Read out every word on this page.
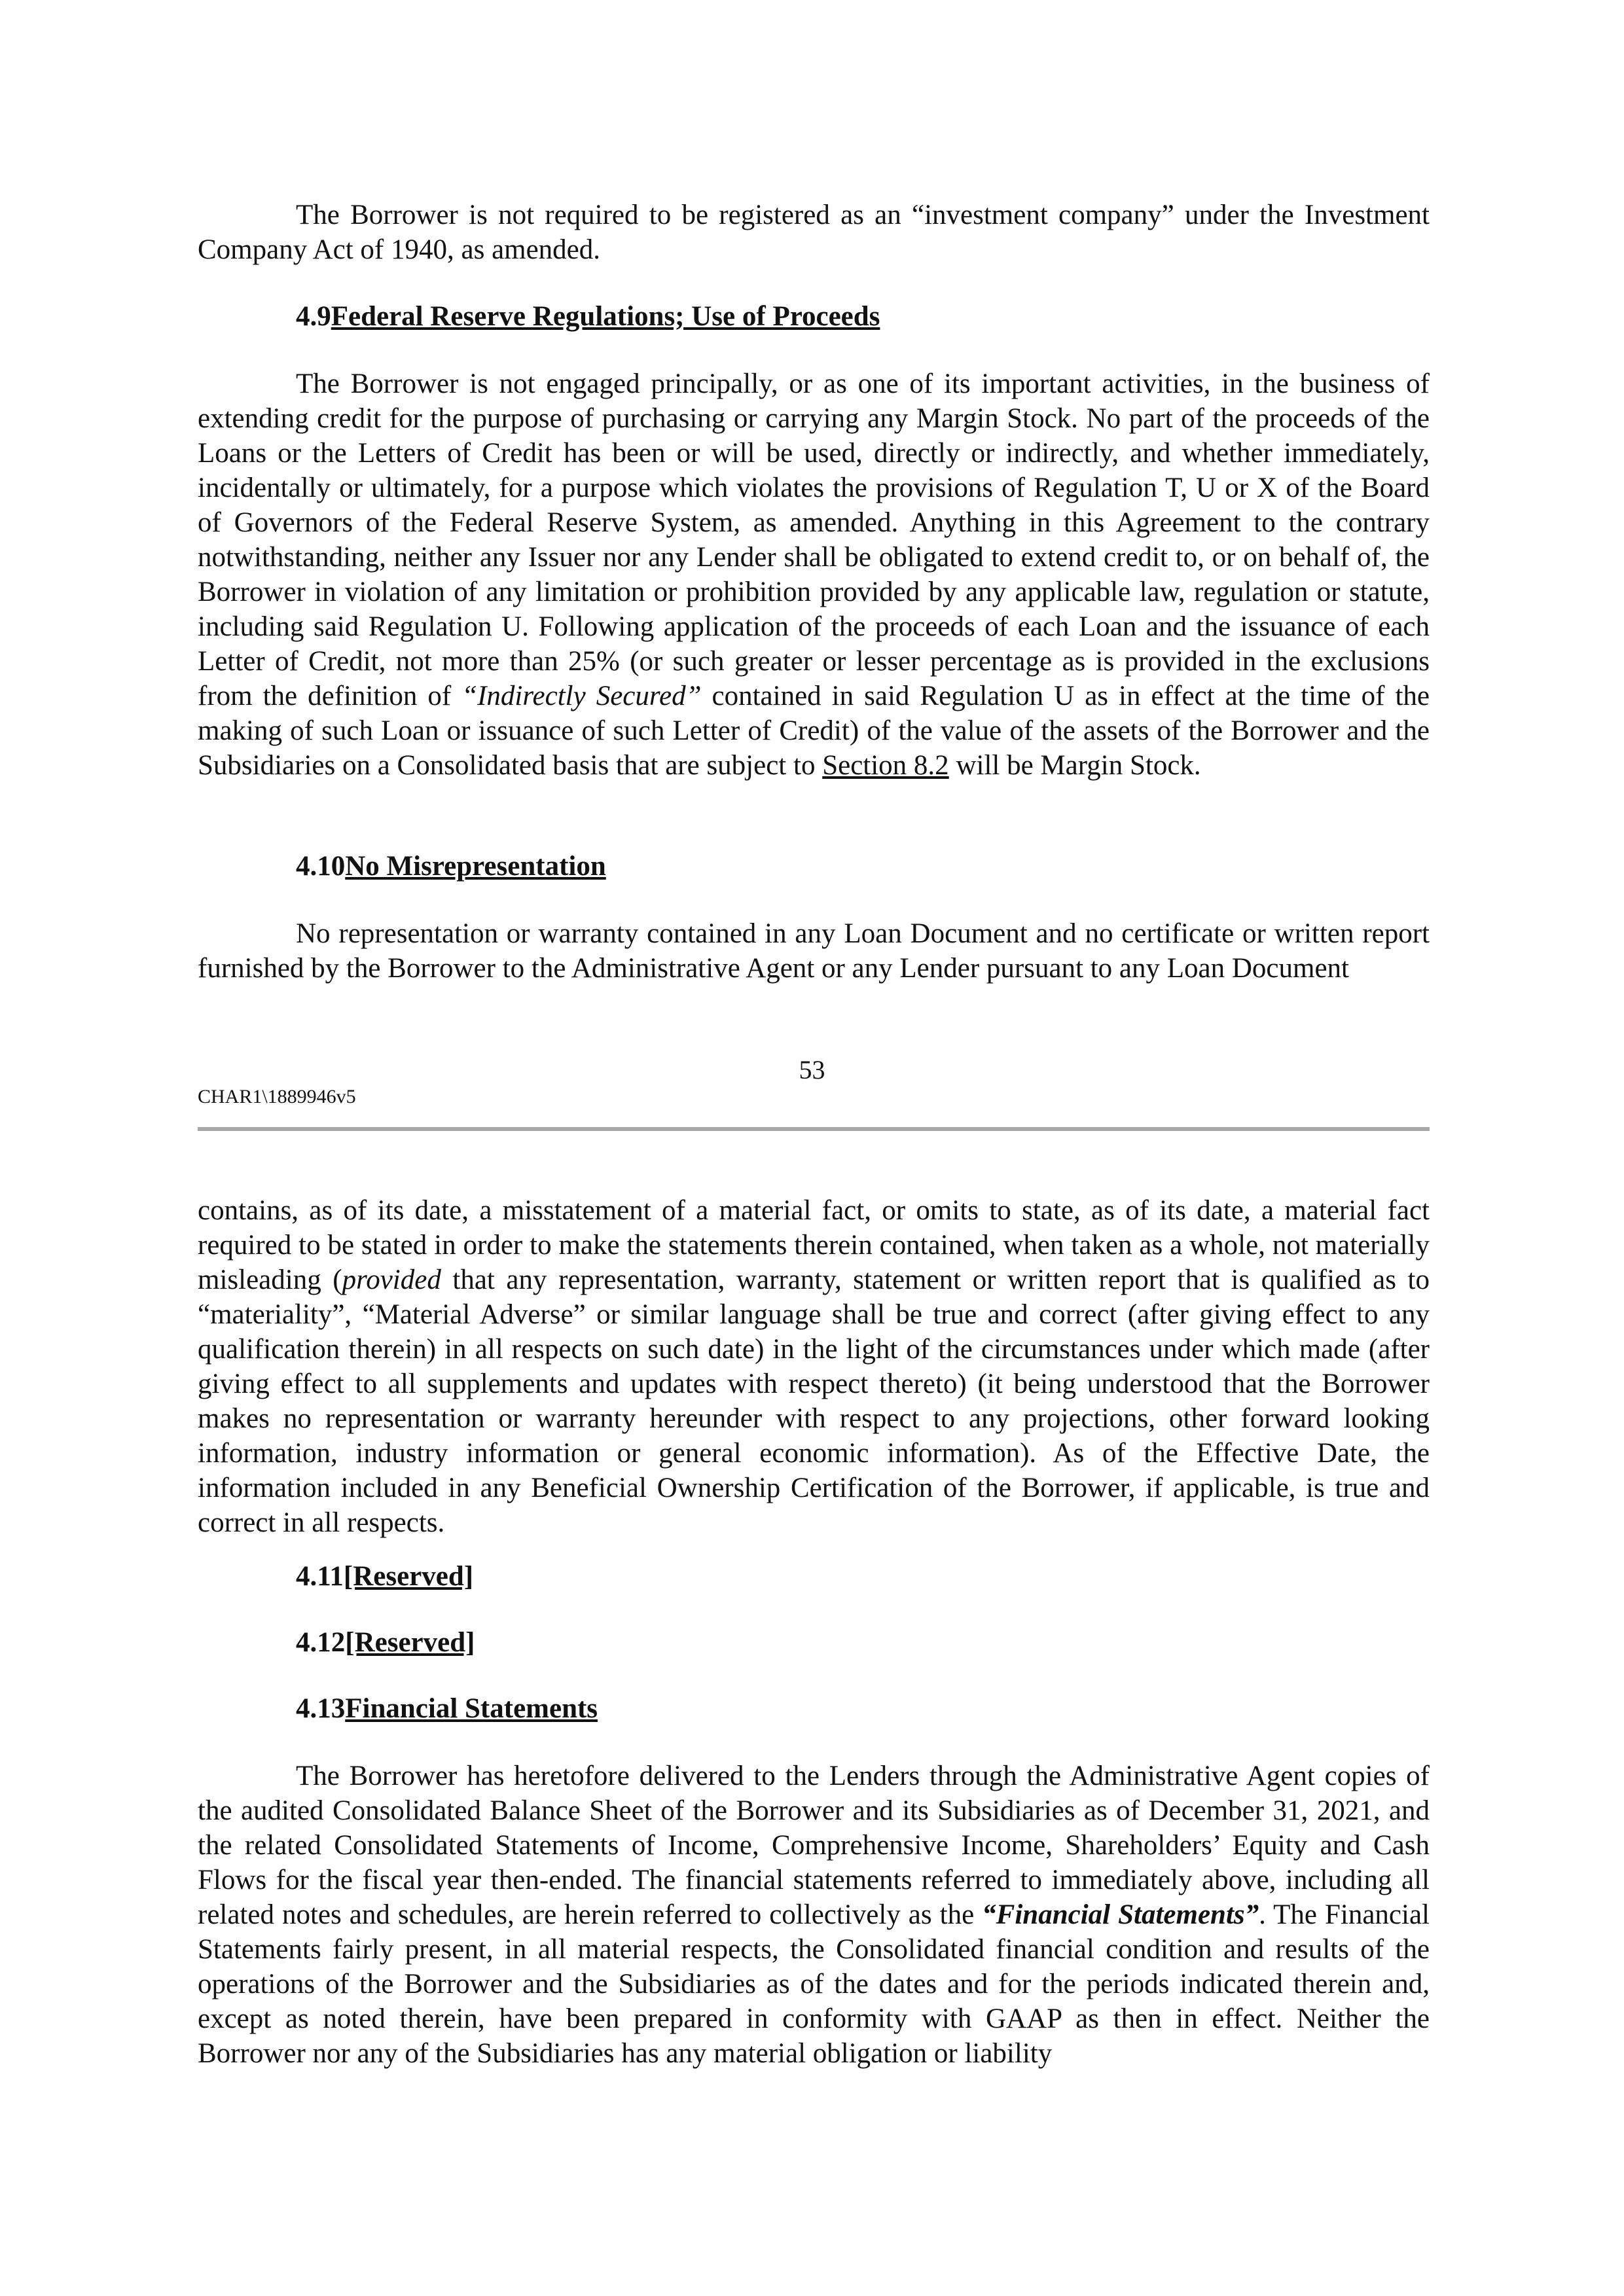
The Borrower is not required to be registered as an “investment company” under the Investment Company Act of 1940, as amended.

4.9Federal Reserve Regulations; Use of Proceeds

The Borrower is not engaged principally, or as one of its important activities, in the business of extending credit for the purpose of purchasing or carrying any Margin Stock. No part of the proceeds of the Loans or the Letters of Credit has been or will be used, directly or indirectly, and whether immediately, incidentally or ultimately, for a purpose which violates the provisions of Regulation T, U or X of the Board of Governors of the Federal Reserve System, as amended. Anything in this Agreement to the contrary notwithstanding, neither any Issuer nor any Lender shall be obligated to extend credit to, or on behalf of, the Borrower in violation of any limitation or prohibition provided by any applicable law, regulation or statute, including said Regulation U. Following application of the proceeds of each Loan and the issuance of each Letter of Credit, not more than 25% (or such greater or lesser percentage as is provided in the exclusions from the definition of “Indirectly Secured” contained in said Regulation U as in effect at the time of the making of such Loan or issuance of such Letter of Credit) of the value of the assets of the Borrower and the Subsidiaries on a Consolidated basis that are subject to Section 8.2 will be Margin Stock.

4.10No Misrepresentation

No representation or warranty contained in any Loan Document and no certificate or written report furnished by the Borrower to the Administrative Agent or any Lender pursuant to any Loan Document

53
CHAR1\1889946v5

contains, as of its date, a misstatement of a material fact, or omits to state, as of its date, a material fact required to be stated in order to make the statements therein contained, when taken as a whole, not materially misleading (provided that any representation, warranty, statement or written report that is qualified as to “materiality”, “Material Adverse” or similar language shall be true and correct (after giving effect to any qualification therein) in all respects on such date) in the light of the circumstances under which made (after giving effect to all supplements and updates with respect thereto) (it being understood that the Borrower makes no representation or warranty hereunder with respect to any projections, other forward looking information, industry information or general economic information). As of the Effective Date, the information included in any Beneficial Ownership Certification of the Borrower, if applicable, is true and correct in all respects.

4.11[Reserved]

4.12[Reserved]

4.13Financial Statements

The Borrower has heretofore delivered to the Lenders through the Administrative Agent copies of the audited Consolidated Balance Sheet of the Borrower and its Subsidiaries as of December 31, 2021, and the related Consolidated Statements of Income, Comprehensive Income, Shareholders’ Equity and Cash Flows for the fiscal year then-ended. The financial statements referred to immediately above, including all related notes and schedules, are herein referred to collectively as the “Financial Statements”. The Financial Statements fairly present, in all material respects, the Consolidated financial condition and results of the operations of the Borrower and the Subsidiaries as of the dates and for the periods indicated therein and, except as noted therein, have been prepared in conformity with GAAP as then in effect. Neither the Borrower nor any of the Subsidiaries has any material obligation or liability
